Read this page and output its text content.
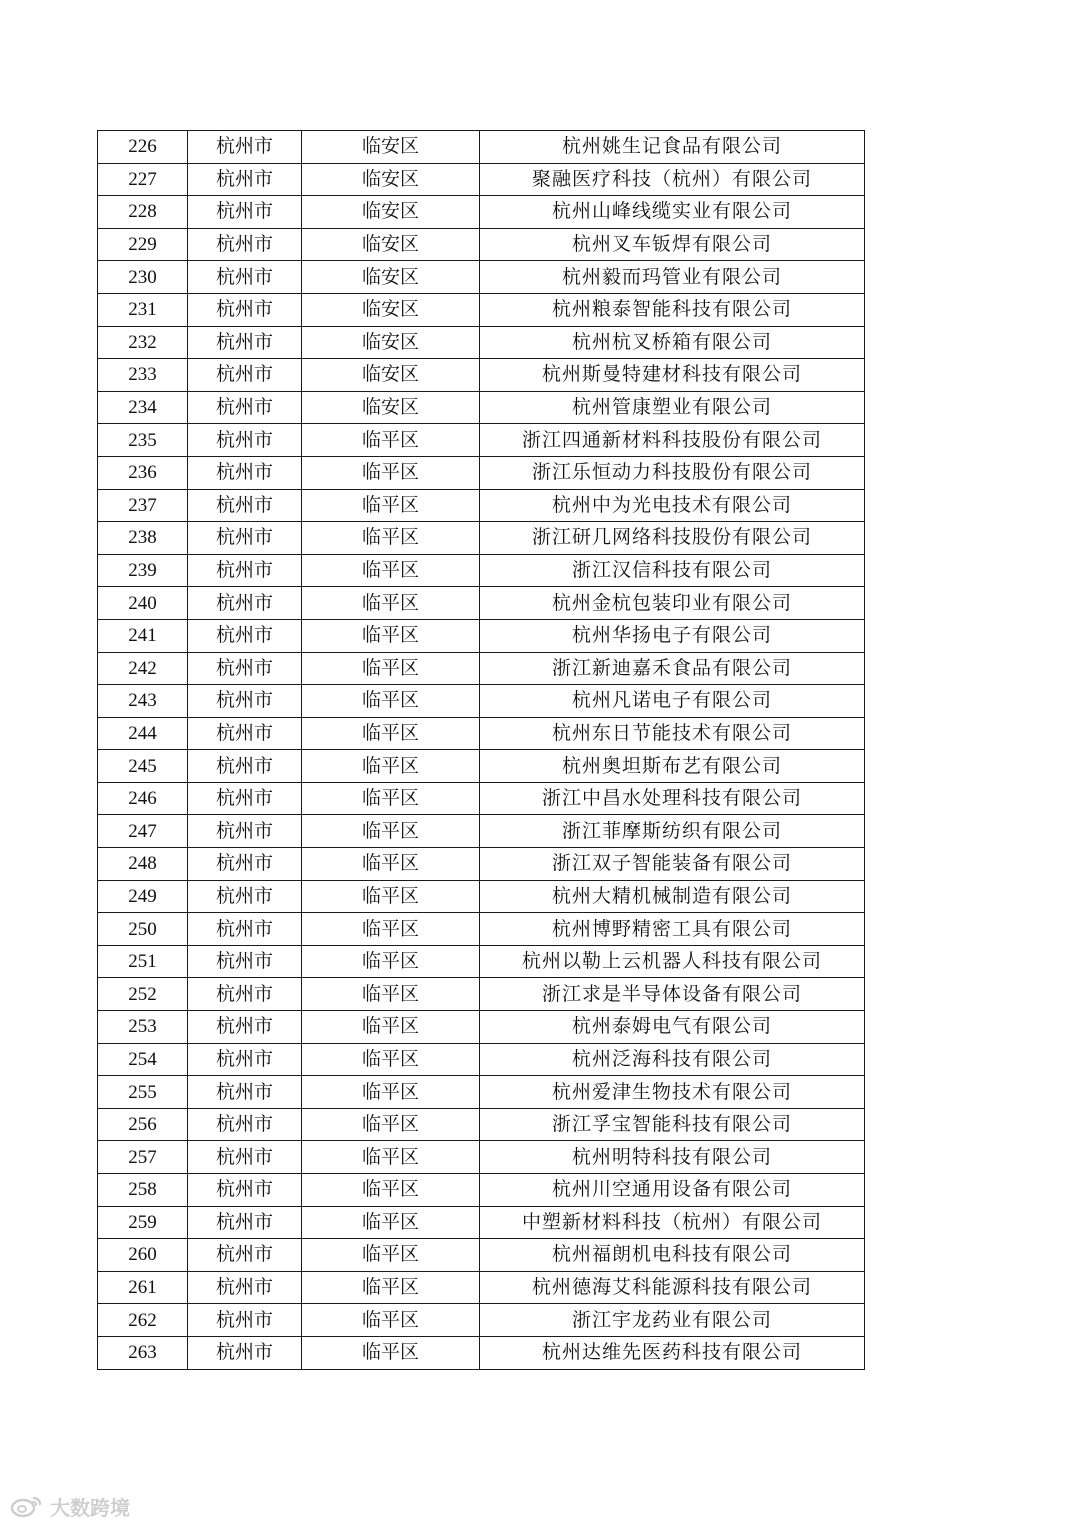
226	杭州市	临安区	杭州姚生记食品有限公司
227	杭州市	临安区	聚融医疗科技（杭州）有限公司
228	杭州市	临安区	杭州山峰线缆实业有限公司
229	杭州市	临安区	杭州叉车钣焊有限公司
230	杭州市	临安区	杭州毅而玛管业有限公司
231	杭州市	临安区	杭州粮泰智能科技有限公司
232	杭州市	临安区	杭州杭叉桥箱有限公司
233	杭州市	临安区	杭州斯曼特建材科技有限公司
234	杭州市	临安区	杭州管康塑业有限公司
235	杭州市	临平区	浙江四通新材料科技股份有限公司
236	杭州市	临平区	浙江乐恒动力科技股份有限公司
237	杭州市	临平区	杭州中为光电技术有限公司
238	杭州市	临平区	浙江研几网络科技股份有限公司
239	杭州市	临平区	浙江汉信科技有限公司
240	杭州市	临平区	杭州金杭包装印业有限公司
241	杭州市	临平区	杭州华扬电子有限公司
242	杭州市	临平区	浙江新迪嘉禾食品有限公司
243	杭州市	临平区	杭州凡诺电子有限公司
244	杭州市	临平区	杭州东日节能技术有限公司
245	杭州市	临平区	杭州奥坦斯布艺有限公司
246	杭州市	临平区	浙江中昌水处理科技有限公司
247	杭州市	临平区	浙江菲摩斯纺织有限公司
248	杭州市	临平区	浙江双子智能装备有限公司
249	杭州市	临平区	杭州大精机械制造有限公司
250	杭州市	临平区	杭州博野精密工具有限公司
251	杭州市	临平区	杭州以勒上云机器人科技有限公司
252	杭州市	临平区	浙江求是半导体设备有限公司
253	杭州市	临平区	杭州泰姆电气有限公司
254	杭州市	临平区	杭州泛海科技有限公司
255	杭州市	临平区	杭州爱津生物技术有限公司
256	杭州市	临平区	浙江孚宝智能科技有限公司
257	杭州市	临平区	杭州明特科技有限公司
258	杭州市	临平区	杭州川空通用设备有限公司
259	杭州市	临平区	中塑新材料科技（杭州）有限公司
260	杭州市	临平区	杭州福朗机电科技有限公司
261	杭州市	临平区	杭州德海艾科能源科技有限公司
262	杭州市	临平区	浙江宇龙药业有限公司
263	杭州市	临平区	杭州达维先医药科技有限公司
大数跨境
